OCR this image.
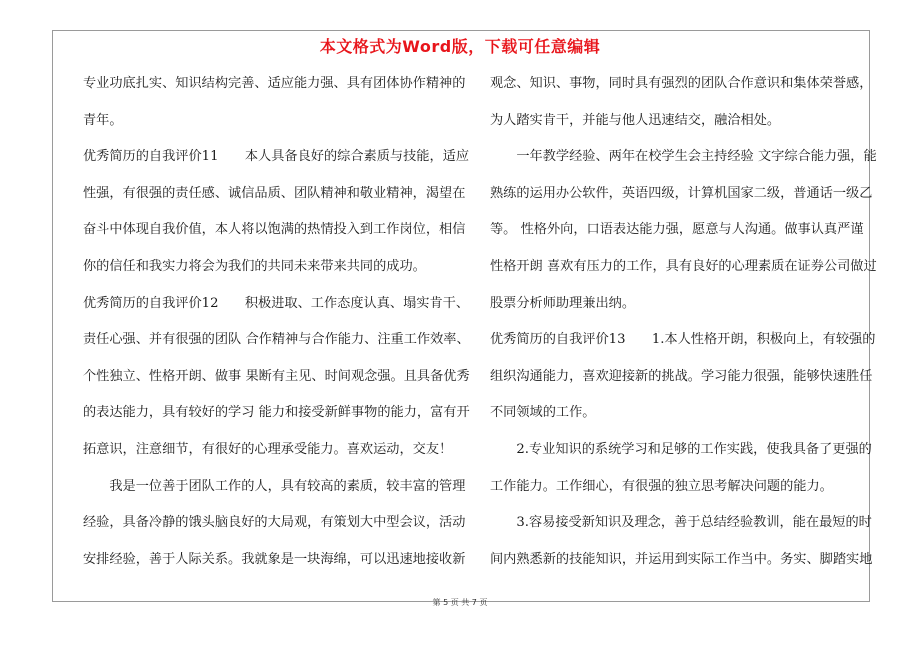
本文格式为Word版，下载可任意编辑
专业功底扎实、知识结构完善、适应能力强、具有团体协作精神的
青年。
优秀简历的自我评价11　　本人具备良好的综合素质与技能，适应
性强，有很强的责任感、诚信品质、团队精神和敬业精神，渴望在
奋斗中体现自我价值，本人将以饱满的热情投入到工作岗位，相信
你的信任和我实力将会为我们的共同未来带来共同的成功。
优秀简历的自我评价12　　积极进取、工作态度认真、塌实肯干、
责任心强、并有很强的团队 合作精神与合作能力、注重工作效率、
个性独立、性格开朗、做事 果断有主见、时间观念强。且具备优秀
的表达能力，具有较好的学习 能力和接受新鲜事物的能力，富有开
拓意识，注意细节，有很好的心理承受能力。喜欢运动，交友！
　　我是一位善于团队工作的人，具有较高的素质，较丰富的管理
经验，具备冷静的饿头脑良好的大局观，有策划大中型会议，活动
安排经验，善于人际关系。我就象是一块海绵，可以迅速地接收新
观念、知识、事物，同时具有强烈的团队合作意识和集体荣誉感，
为人踏实肯干，并能与他人迅速结交，融洽相处。
　　一年教学经验、两年在校学生会主持经验 文字综合能力强，能
熟练的运用办公软件，英语四级，计算机国家二级，普通话一级乙
等。 性格外向，口语表达能力强，愿意与人沟通。做事认真严谨
性格开朗 喜欢有压力的工作，具有良好的心理素质在证券公司做过
股票分析师助理兼出纳。
优秀简历的自我评价13　　1.本人性格开朗，积极向上，有较强的
组织沟通能力，喜欢迎接新的挑战。学习能力很强，能够快速胜任
不同领域的工作。
　　2.专业知识的系统学习和足够的工作实践，使我具备了更强的
工作能力。工作细心，有很强的独立思考解决问题的能力。
　　3.容易接受新知识及理念，善于总结经验教训，能在最短的时
间内熟悉新的技能知识，并运用到实际工作当中。务实、脚踏实地
第 5 页 共 7 页
